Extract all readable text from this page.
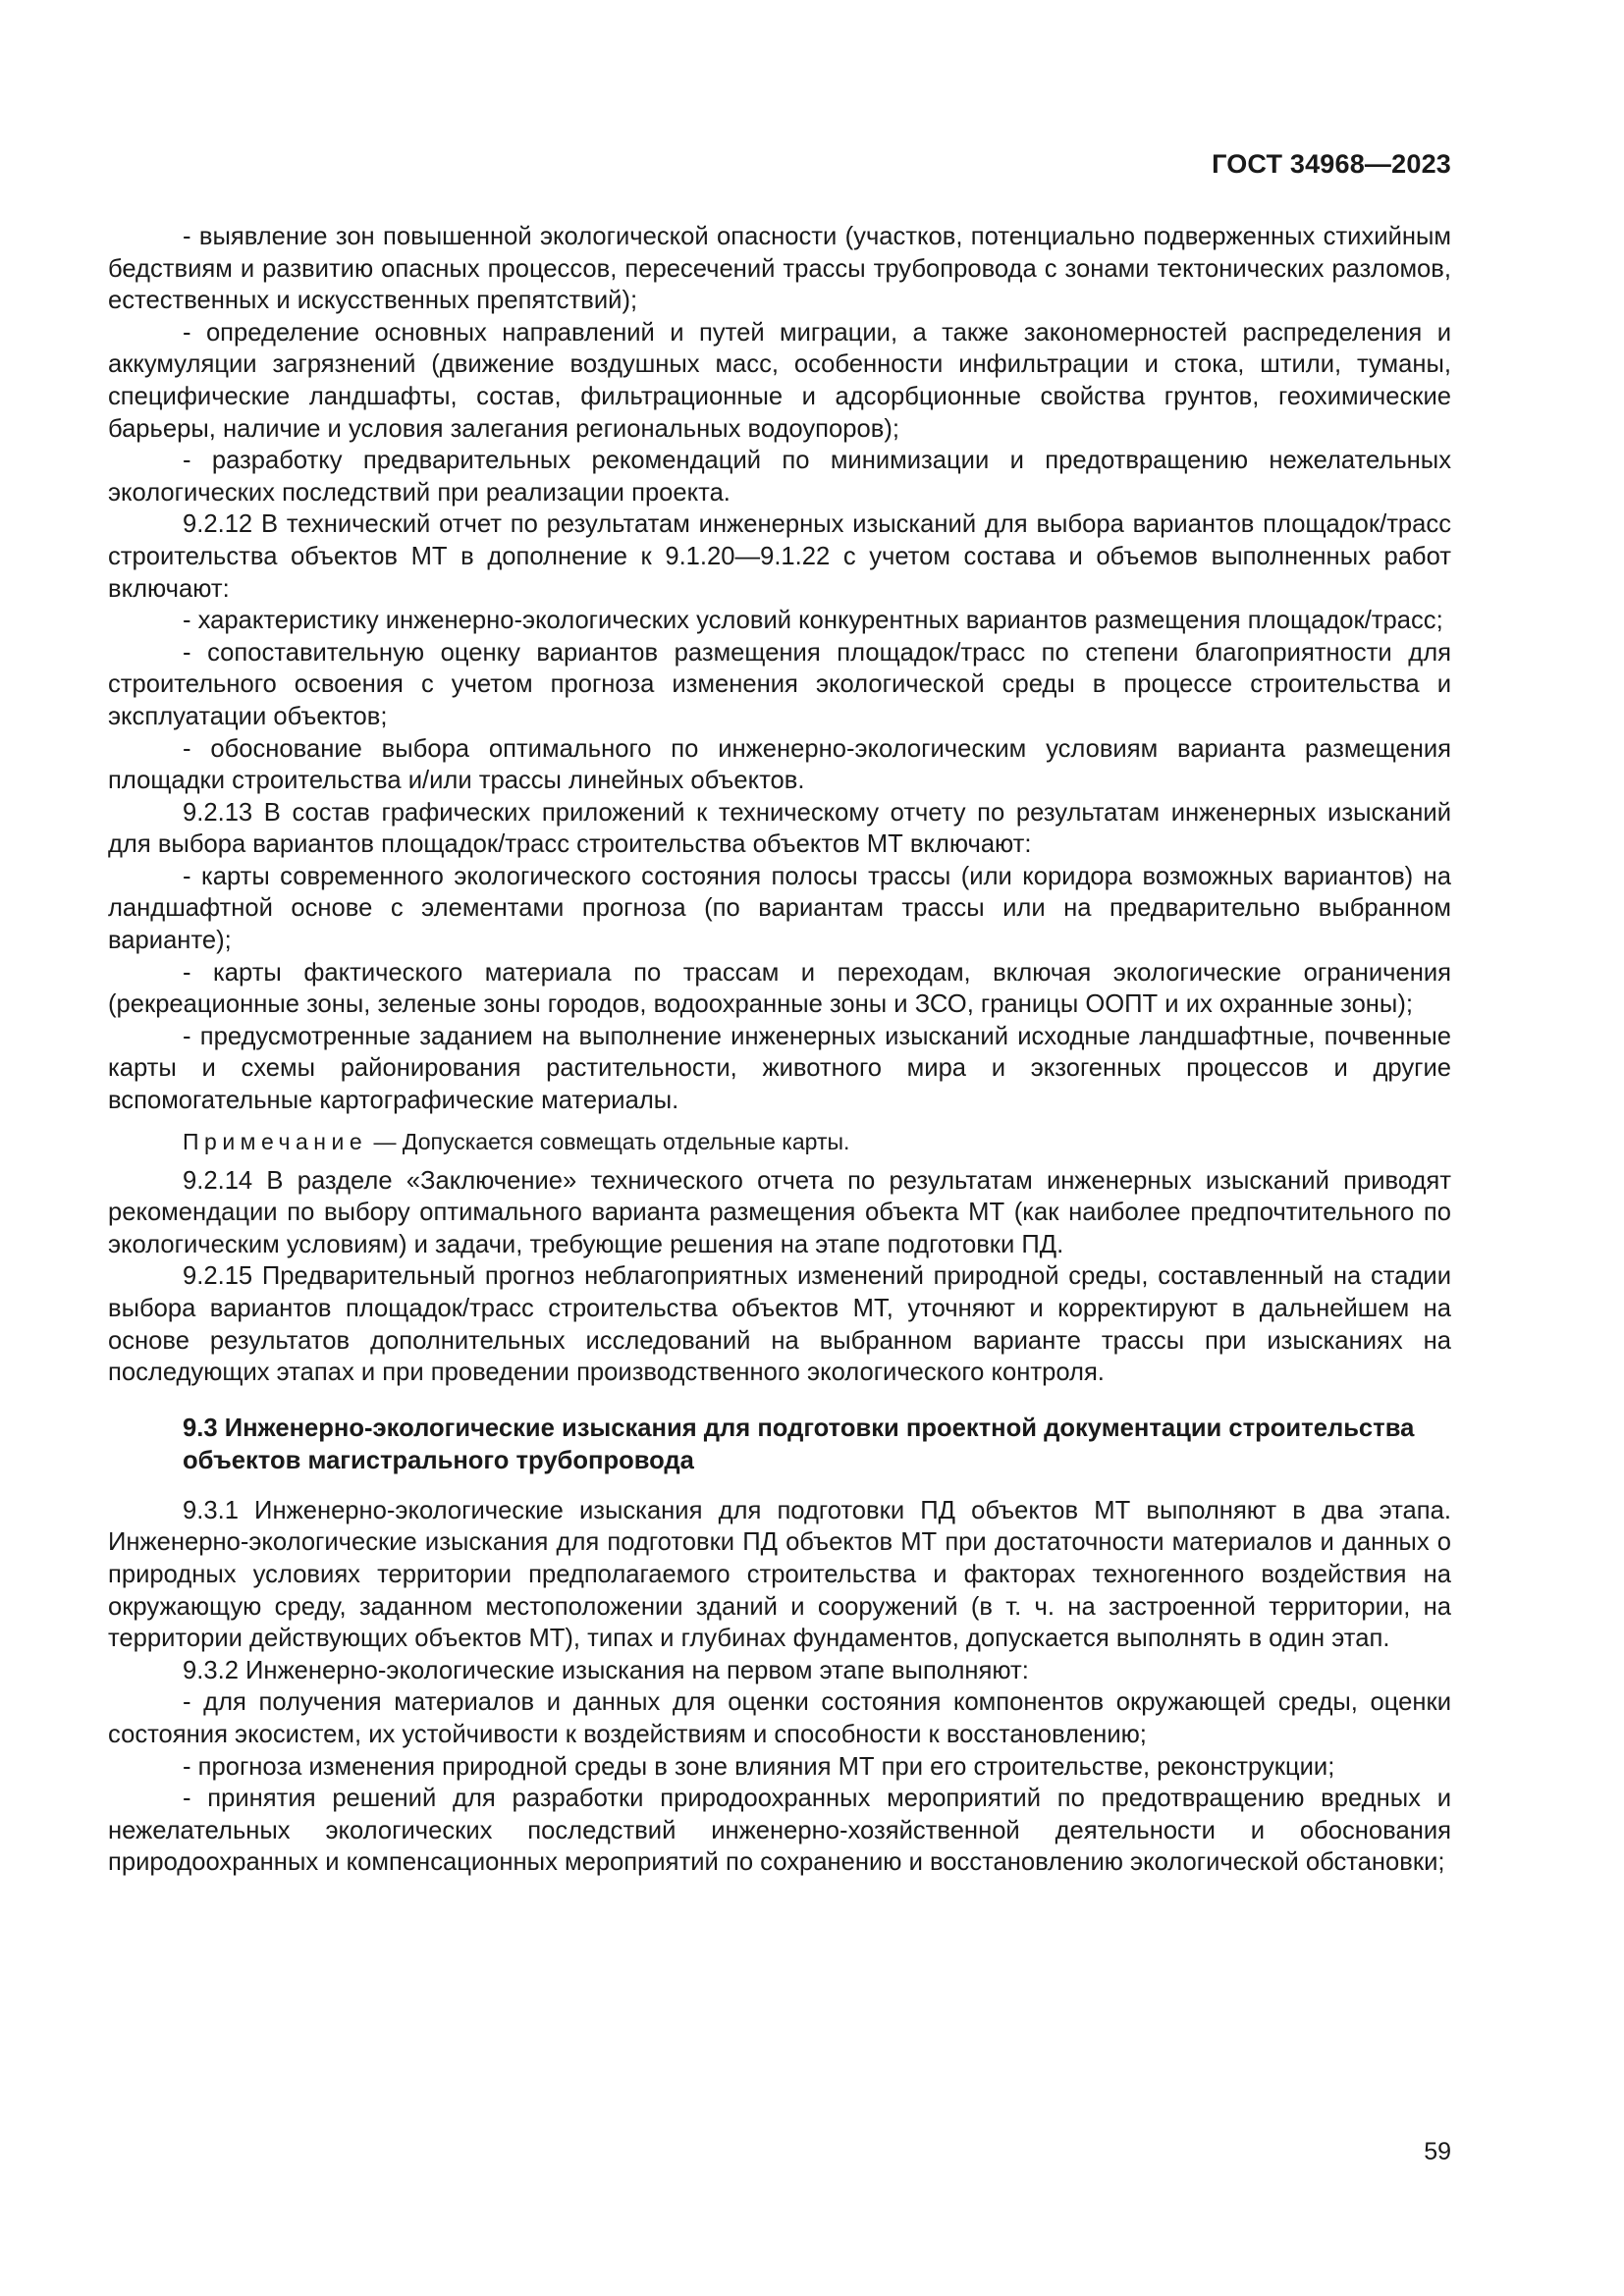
ГОСТ 34968—2023

- выявление зон повышенной экологической опасности (участков, потенциально подверженных стихийным бедствиям и развитию опасных процессов, пересечений трассы трубопровода с зонами тектонических разломов, естественных и искусственных препятствий);

- определение основных направлений и путей миграции, а также закономерностей распределения и аккумуляции загрязнений (движение воздушных масс, особенности инфильтрации и стока, штили, туманы, специфические ландшафты, состав, фильтрационные и адсорбционные свойства грунтов, геохимические барьеры, наличие и условия залегания региональных водоупоров);

- разработку предварительных рекомендаций по минимизации и предотвращению нежелательных экологических последствий при реализации проекта.

9.2.12 В технический отчет по результатам инженерных изысканий для выбора вариантов площадок/трасс строительства объектов МТ в дополнение к 9.1.20—9.1.22 с учетом состава и объемов выполненных работ включают:

- характеристику инженерно-экологических условий конкурентных вариантов размещения площадок/трасс;

- сопоставительную оценку вариантов размещения площадок/трасс по степени благоприятности для строительного освоения с учетом прогноза изменения экологической среды в процессе строительства и эксплуатации объектов;

- обоснование выбора оптимального по инженерно-экологическим условиям варианта размещения площадки строительства и/или трассы линейных объектов.

9.2.13 В состав графических приложений к техническому отчету по результатам инженерных изысканий для выбора вариантов площадок/трасс строительства объектов МТ включают:

- карты современного экологического состояния полосы трассы (или коридора возможных вариантов) на ландшафтной основе с элементами прогноза (по вариантам трассы или на предварительно выбранном варианте);

- карты фактического материала по трассам и переходам, включая экологические ограничения (рекреационные зоны, зеленые зоны городов, водоохранные зоны и ЗСО, границы ООПТ и их охранные зоны);

- предусмотренные заданием на выполнение инженерных изысканий исходные ландшафтные, почвенные карты и схемы районирования растительности, животного мира и экзогенных процессов и другие вспомогательные картографические материалы.

Примечание — Допускается совмещать отдельные карты.

9.2.14 В разделе «Заключение» технического отчета по результатам инженерных изысканий приводят рекомендации по выбору оптимального варианта размещения объекта МТ (как наиболее предпочтительного по экологическим условиям) и задачи, требующие решения на этапе подготовки ПД.

9.2.15 Предварительный прогноз неблагоприятных изменений природной среды, составленный на стадии выбора вариантов площадок/трасс строительства объектов МТ, уточняют и корректируют в дальнейшем на основе результатов дополнительных исследований на выбранном варианте трассы при изысканиях на последующих этапах и при проведении производственного экологического контроля.

9.3 Инженерно-экологические изыскания для подготовки проектной документации строительства объектов магистрального трубопровода

9.3.1 Инженерно-экологические изыскания для подготовки ПД объектов МТ выполняют в два этапа. Инженерно-экологические изыскания для подготовки ПД объектов МТ при достаточности материалов и данных о природных условиях территории предполагаемого строительства и факторах техногенного воздействия на окружающую среду, заданном местоположении зданий и сооружений (в т. ч. на застроенной территории, на территории действующих объектов МТ), типах и глубинах фундаментов, допускается выполнять в один этап.

9.3.2 Инженерно-экологические изыскания на первом этапе выполняют:

- для получения материалов и данных для оценки состояния компонентов окружающей среды, оценки состояния экосистем, их устойчивости к воздействиям и способности к восстановлению;

- прогноза изменения природной среды в зоне влияния МТ при его строительстве, реконструкции;

- принятия решений для разработки природоохранных мероприятий по предотвращению вредных и нежелательных экологических последствий инженерно-хозяйственной деятельности и обоснования природоохранных и компенсационных мероприятий по сохранению и восстановлению экологической обстановки;

59
